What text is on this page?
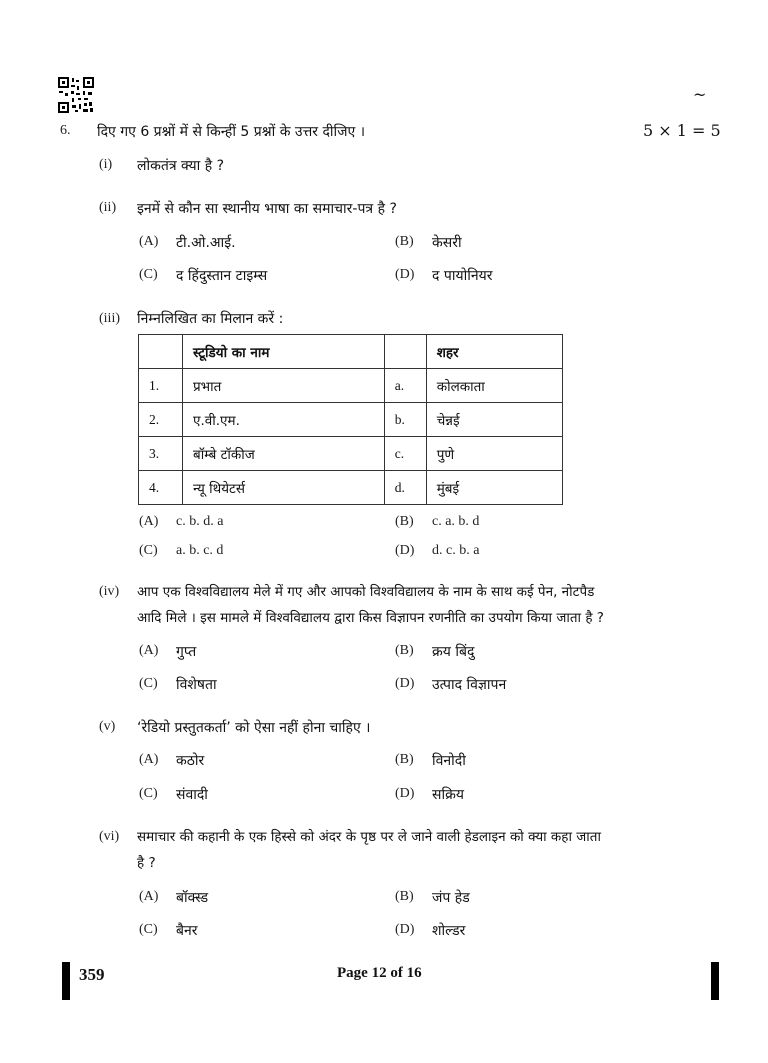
~
6. दिए गए 6 प्रश्नों में से किन्हीं 5 प्रश्नों के उत्तर दीजिए ।	5 × 1 = 5
(i) लोकतंत्र क्या है ?
(ii) इनमें से कौन सा स्थानीय भाषा का समाचार-पत्र है ?
(A) टी.ओ.आई.	(B) केसरी
(C) द हिंदुस्तान टाइम्स	(D) द पायोनियर
(iii) निम्नलिखित का मिलान करें :
	स्टूडियो का नाम		शहर
1.	प्रभात	a.	कोलकाता
2.	ए.वी.एम.	b.	चेन्नई
3.	बॉम्बे टॉकीज	c.	पुणे
4.	न्यू थियेटर्स	d.	मुंबई
(A) c. b. d. a	(B) c. a. b. d
(C) a. b. c. d	(D) d. c. b. a
(iv) आप एक विश्वविद्यालय मेले में गए और आपको विश्वविद्यालय के नाम के साथ कई पेन, नोटपैड
आदि मिले । इस मामले में विश्वविद्यालय द्वारा किस विज्ञापन रणनीति का उपयोग किया जाता है ?
(A) गुप्त	(B) क्रय बिंदु
(C) विशेषता	(D) उत्पाद विज्ञापन
(v) ‘रेडियो प्रस्तुतकर्ता’ को ऐसा नहीं होना चाहिए ।
(A) कठोर	(B) विनोदी
(C) संवादी	(D) सक्रिय
(vi) समाचार की कहानी के एक हिस्से को अंदर के पृष्ठ पर ले जाने वाली हेडलाइन को क्या कहा जाता
है ?
(A) बॉक्स्ड	(B) जंप हेड
(C) बैनर	(D) शोल्डर
359	Page 12 of 16
